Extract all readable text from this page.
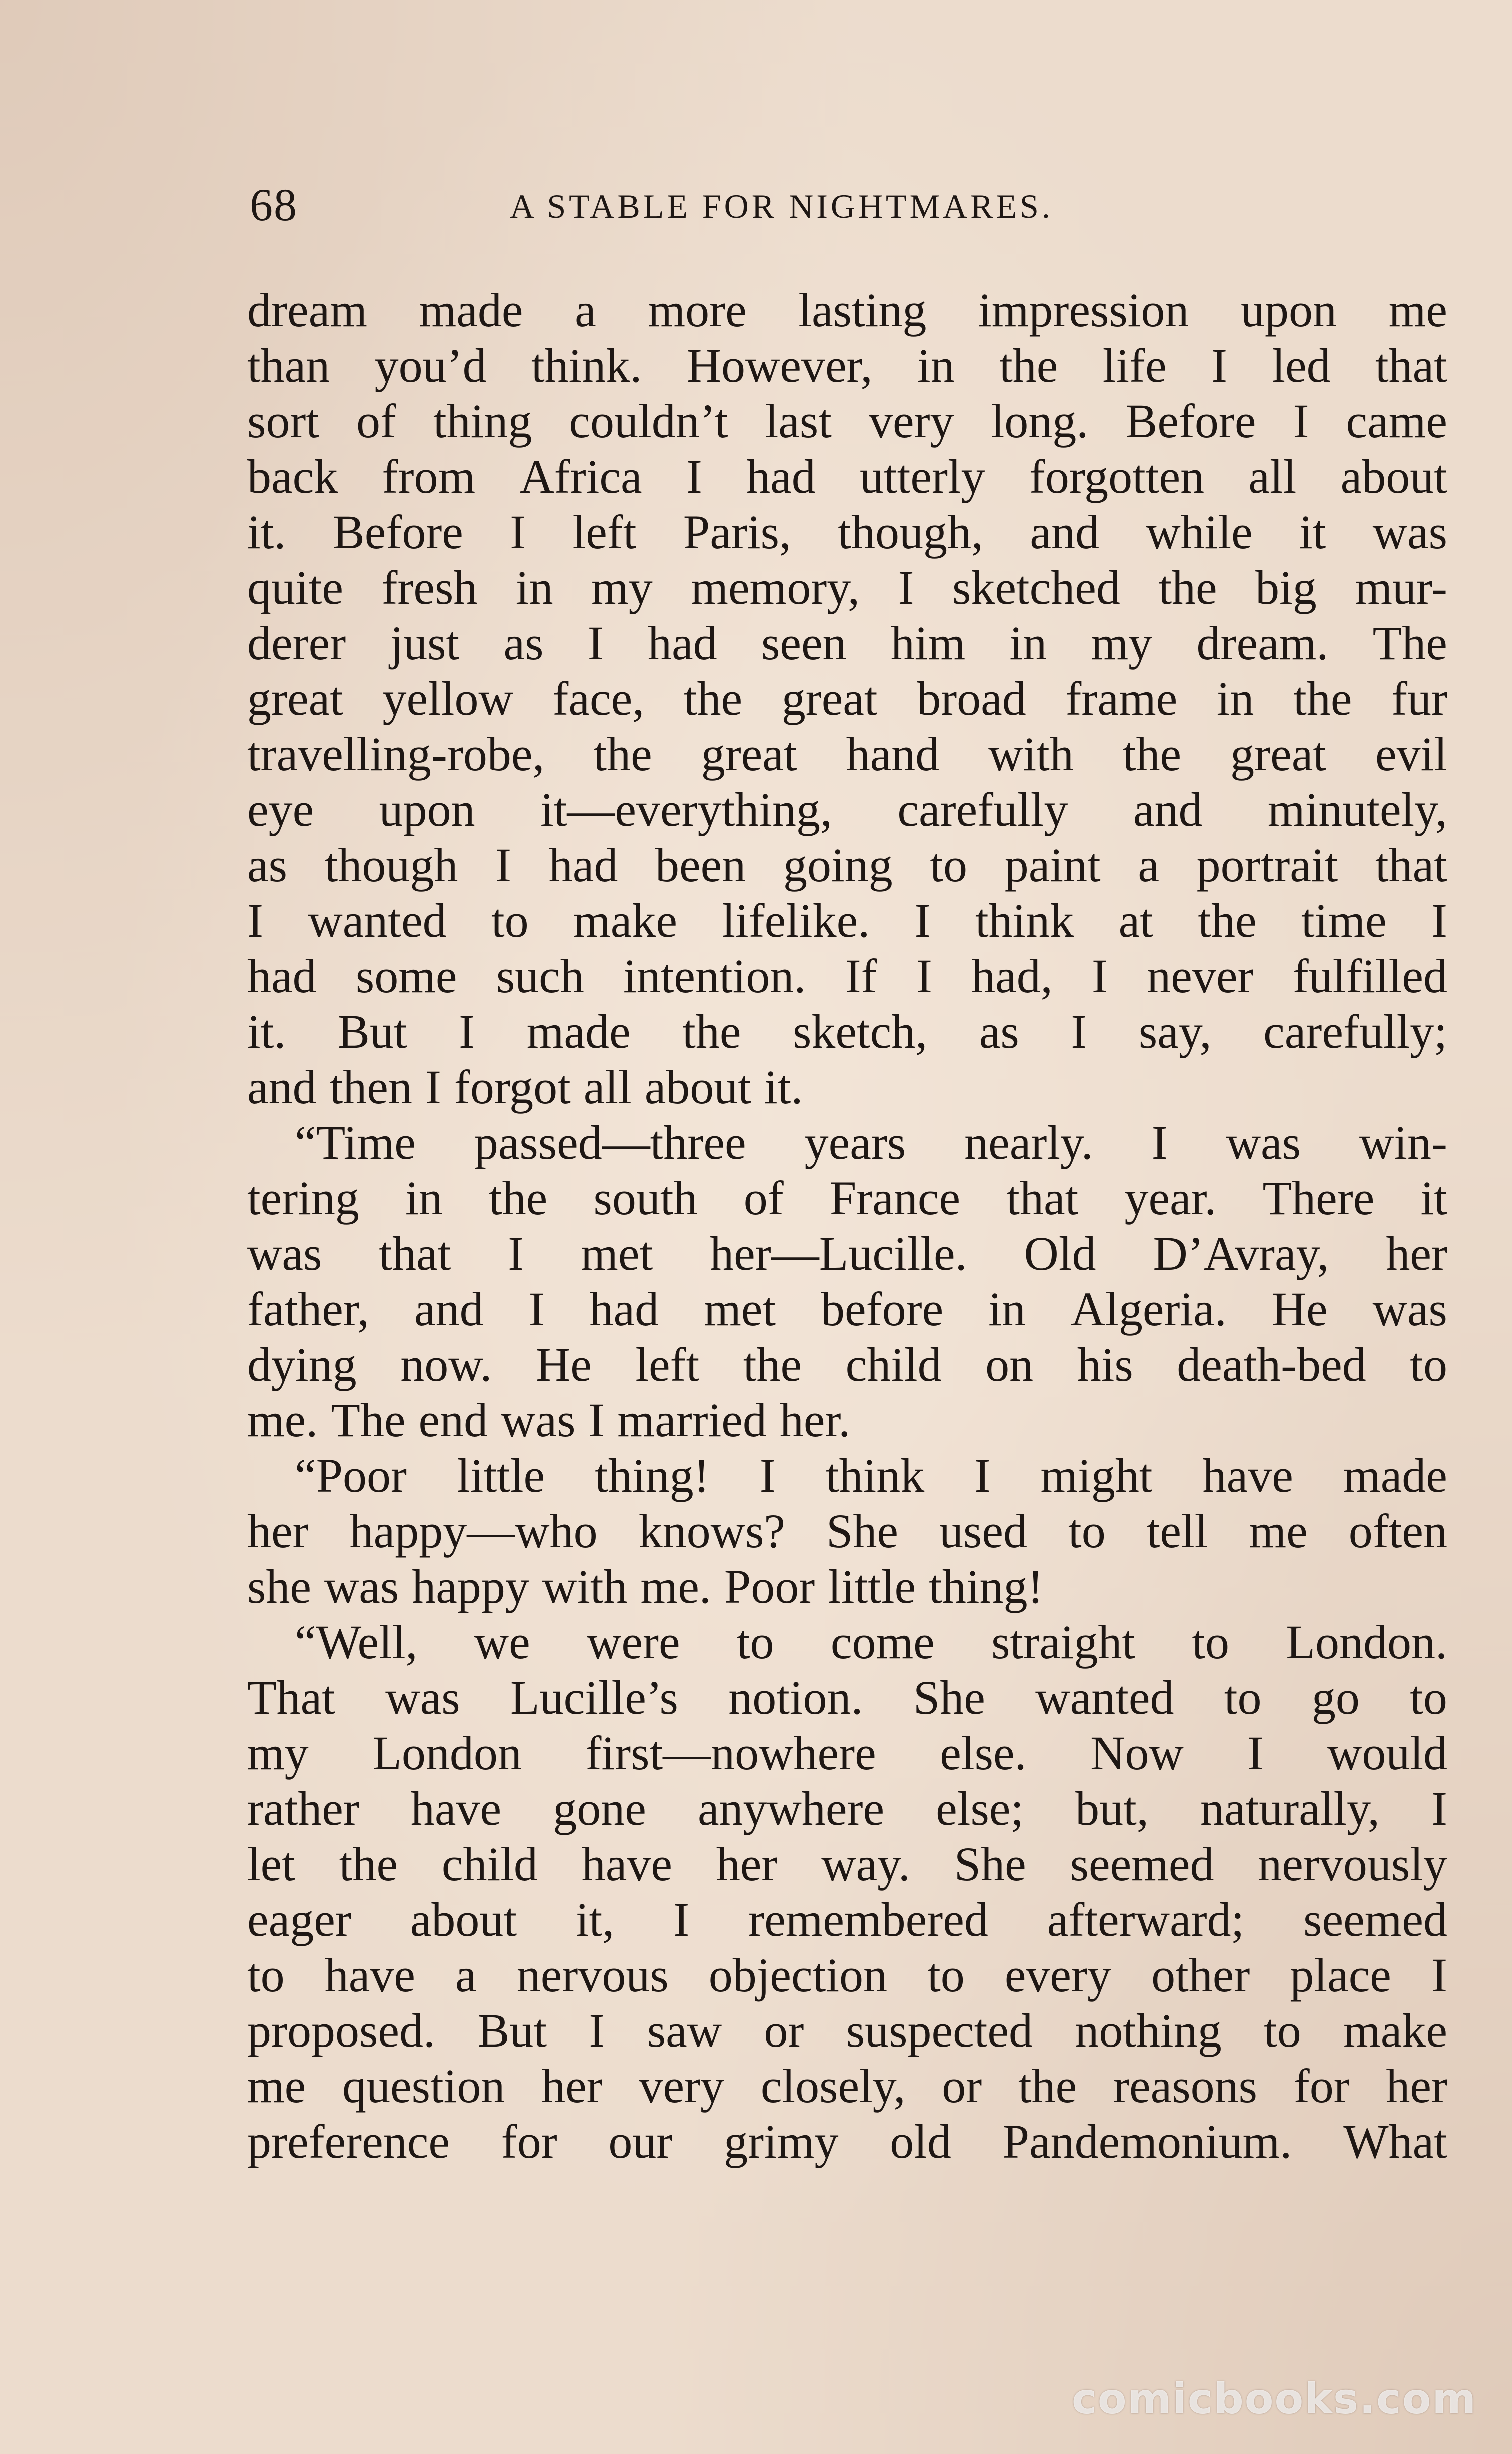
68	A STABLE FOR NIGHTMARES.
dream made a more lasting impression upon me
than you’d think. However, in the life I led that
sort of thing couldn’t last very long. Before I came
back from Africa I had utterly forgotten all about
it. Before I left Paris, though, and while it was
quite fresh in my memory, I sketched the big mur-
derer just as I had seen him in my dream. The
great yellow face, the great broad frame in the fur
travelling-robe, the great hand with the great evil
eye upon it—everything, carefully and minutely,
as though I had been going to paint a portrait that
I wanted to make lifelike. I think at the time I
had some such intention. If I had, I never fulfilled
it. But I made the sketch, as I say, carefully;
and then I forgot all about it.
“Time passed—three years nearly. I was win-
tering in the south of France that year. There it
was that I met her—Lucille. Old D’Avray, her
father, and I had met before in Algeria. He was
dying now. He left the child on his death-bed to
me. The end was I married her.
“Poor little thing! I think I might have made
her happy—who knows? She used to tell me often
she was happy with me. Poor little thing!
“Well, we were to come straight to London.
That was Lucille’s notion. She wanted to go to
my London first—nowhere else. Now I would
rather have gone anywhere else; but, naturally, I
let the child have her way. She seemed nervously
eager about it, I remembered afterward; seemed
to have a nervous objection to every other place I
proposed. But I saw or suspected nothing to make
me question her very closely, or the reasons for her
preference for our grimy old Pandemonium. What
comicbooks.com
